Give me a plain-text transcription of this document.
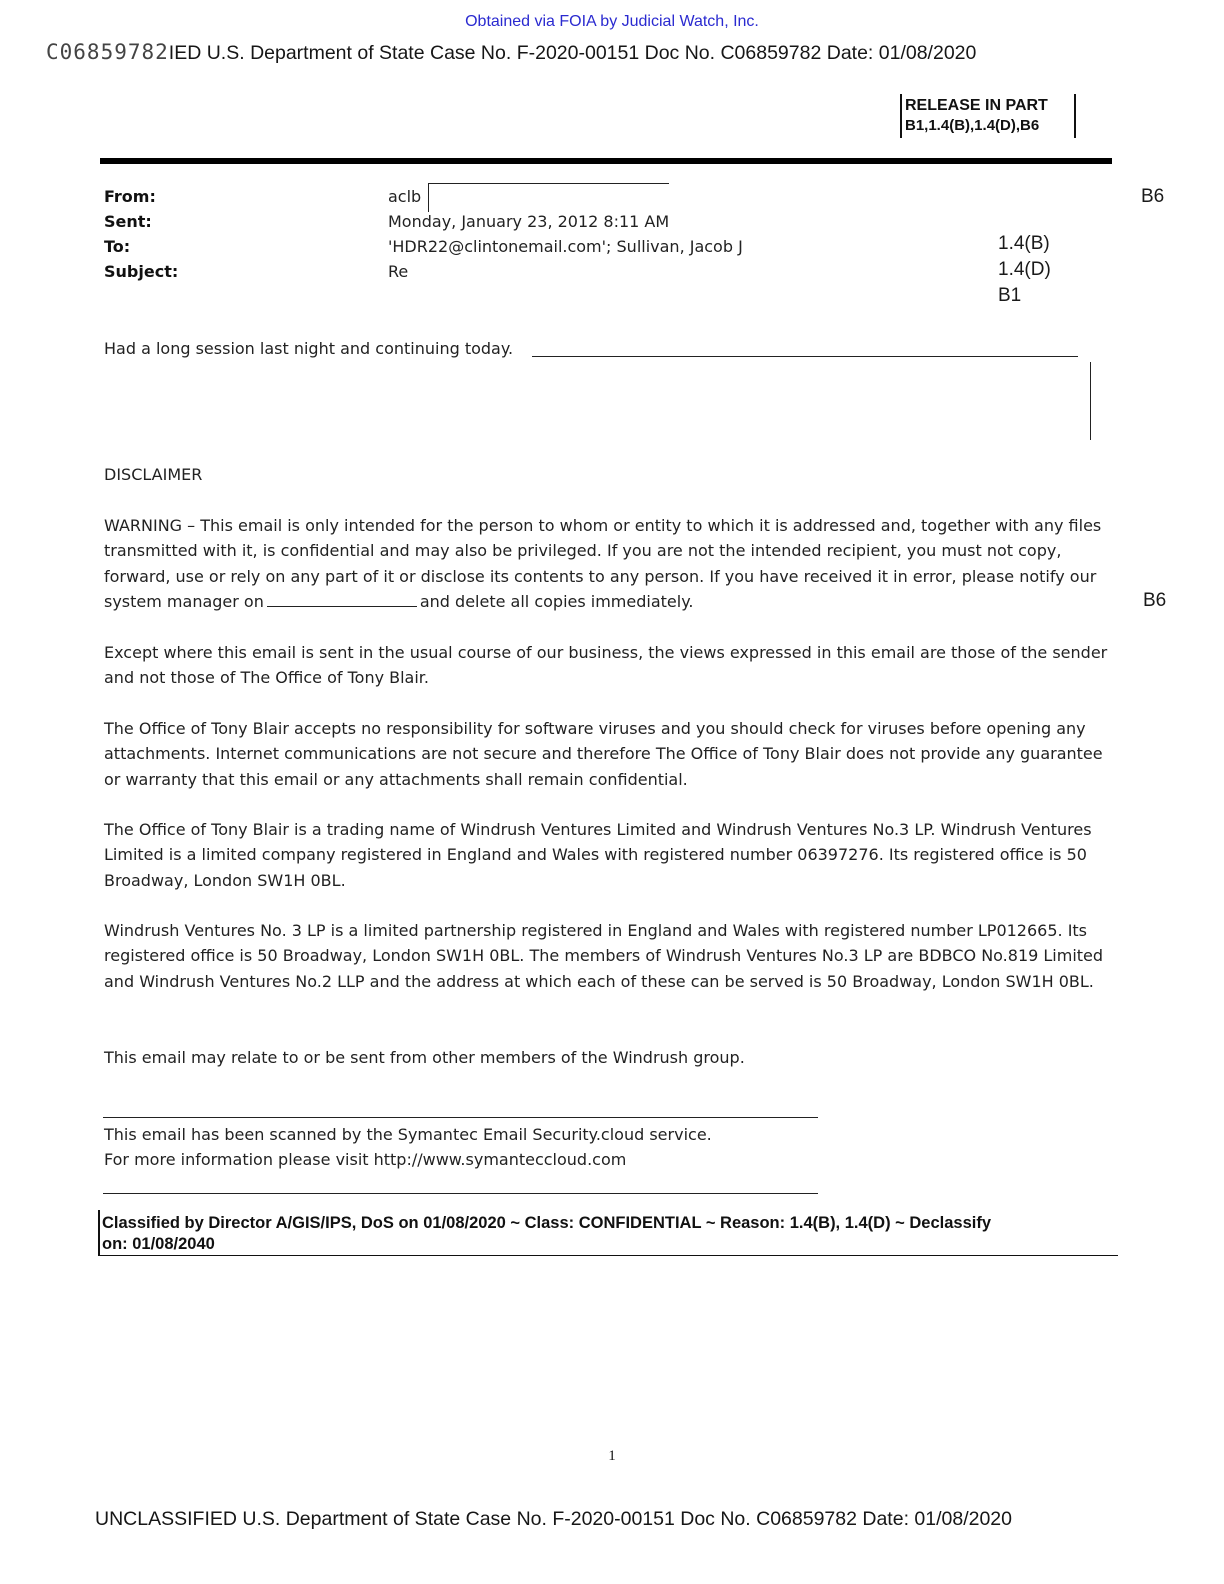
Obtained via FOIA by Judicial Watch, Inc.
C06859782IED U.S. Department of State Case No. F-2020-00151 Doc No. C06859782 Date: 01/08/2020
RELEASE IN PART
B1,1.4(B),1.4(D),B6
From:
Sent:
To:
Subject:
aclb
Monday, January 23, 2012 8:11 AM
'HDR22@clintonemail.com'; Sullivan, Jacob J
Re
B6
1.4(B)
1.4(D)
B1
Had a long session last night and continuing today.
DISCLAIMER

WARNING – This email is only intended for the person to whom or entity to which it is addressed and, together with any files transmitted with it, is confidential and may also be privileged. If you are not the intended recipient, you must not copy, forward, use or rely on any part of it or disclose its contents to any person. If you have received it in error, please notify our system manager on	and delete all copies immediately.	B6

Except where this email is sent in the usual course of our business, the views expressed in this email are those of the sender and not those of The Office of Tony Blair.

The Office of Tony Blair accepts no responsibility for software viruses and you should check for viruses before opening any attachments. Internet communications are not secure and therefore The Office of Tony Blair does not provide any guarantee or warranty that this email or any attachments shall remain confidential.

The Office of Tony Blair is a trading name of Windrush Ventures Limited and Windrush Ventures No.3 LP. Windrush Ventures Limited is a limited company registered in England and Wales with registered number 06397276. Its registered office is 50 Broadway, London SW1H 0BL.

Windrush Ventures No. 3 LP is a limited partnership registered in England and Wales with registered number LP012665. Its registered office is 50 Broadway, London SW1H 0BL. The members of Windrush Ventures No.3 LP are BDBCO No.819 Limited and Windrush Ventures No.2 LLP and the address at which each of these can be served is 50 Broadway, London SW1H 0BL.

This email may relate to or be sent from other members of the Windrush group.

This email has been scanned by the Symantec Email Security.cloud service.

For more information please visit http://www.symanteccloud.com

Classified by Director A/GIS/IPS, DoS on 01/08/2020 ~ Class: CONFIDENTIAL ~ Reason: 1.4(B), 1.4(D) ~ Declassify
on: 01/08/2040
1
UNCLASSIFIED U.S. Department of State Case No. F-2020-00151 Doc No. C06859782 Date: 01/08/2020
